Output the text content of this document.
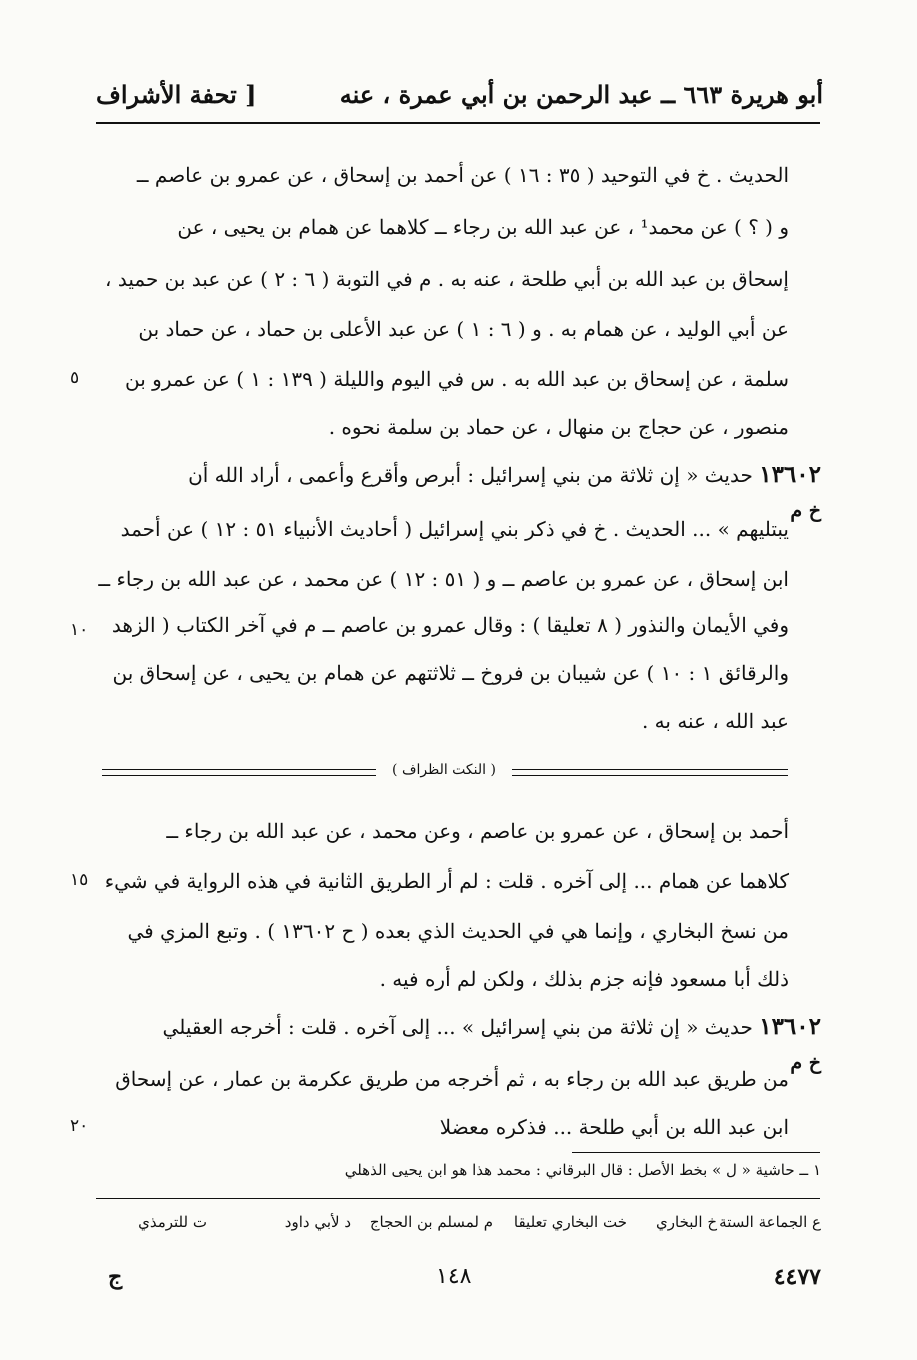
أبو هريرة ٦٦٣ ــ عبد الرحمن بن أبي عمرة ، عنه
[ تحفة الأشراف
الحديث . خ في التوحيد ( ٣٥ : ١٦ ) عن أحمد بن إسحاق ، عن عمرو بن عاصم ــ
و ( ؟ ) عن محمد¹ ، عن عبد الله بن رجاء ــ كلاهما عن همام بن يحيى ، عن
إسحاق بن عبد الله بن أبي طلحة ، عنه به . م في التوبة ( ٦ : ٢ ) عن عبد بن حميد ،
عن أبي الوليد ، عن همام به . و ( ٦ : ١ ) عن عبد الأعلى بن حماد ، عن حماد بن
سلمة ، عن إسحاق بن عبد الله به . س في اليوم والليلة ( ١٣٩ : ١ ) عن عمرو بن
منصور ، عن حجاج بن منهال ، عن حماد بن سلمة نحوه .
١٣٦٠٢ حديث « إن ثلاثة من بني إسرائيل : أبرص وأقرع وأعمى ، أراد الله أن
خ م
يبتليهم » ... الحديث . خ في ذكر بني إسرائيل ( أحاديث الأنبياء ٥١ : ١٢ ) عن أحمد
ابن إسحاق ، عن عمرو بن عاصم ــ و ( ٥١ : ١٢ ) عن محمد ، عن عبد الله بن رجاء ــ
وفي الأيمان والنذور ( ٨ تعليقا ) : وقال عمرو بن عاصم ــ م في آخر الكتاب ( الزهد
والرقائق ١ : ١٠ ) عن شيبان بن فروخ ــ ثلاثتهم عن همام بن يحيى ، عن إسحاق بن
عبد الله ، عنه به .
( النكت الظراف )
أحمد بن إسحاق ، عن عمرو بن عاصم ، وعن محمد ، عن عبد الله بن رجاء ــ
كلاهما عن همام ... إلى آخره . قلت : لم أر الطريق الثانية في هذه الرواية في شيء
من نسخ البخاري ، وإنما هي في الحديث الذي بعده ( ح ١٣٦٠٢ ) . وتبع المزي في
ذلك أبا مسعود فإنه جزم بذلك ، ولكن لم أره فيه .
١٣٦٠٢ حديث « إن ثلاثة من بني إسرائيل » ... إلى آخره . قلت : أخرجه العقيلي
خ م
من طريق عبد الله بن رجاء به ، ثم أخرجه من طريق عكرمة بن عمار ، عن إسحاق
ابن عبد الله بن أبي طلحة ... فذكره معضلا
٥
١٠
١٥
٢٠
١ ــ حاشية « ل » بخط الأصل : قال البرقاني : محمد هذا هو ابن يحيى الذهلي
ع الجماعة الستة
خ البخاري
خت البخاري تعليقا
م لمسلم بن الحجاج
د لأبي داود
ت للترمذي
ج	١٤٨	٤٤٧٧
